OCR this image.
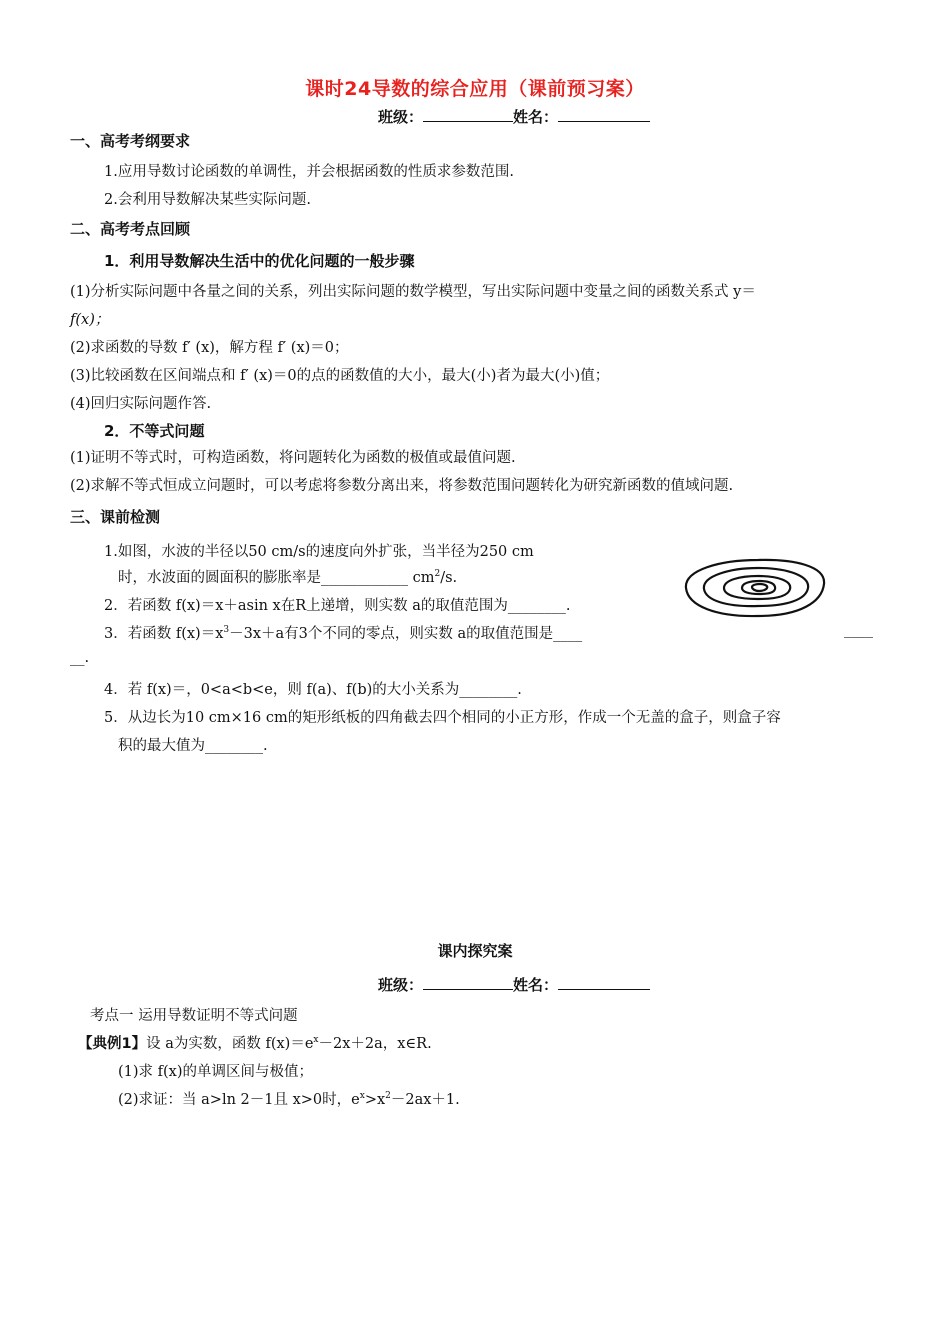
课时24导数的综合应用（课前预习案）
班级：	姓名：
一、高考考纲要求
1.应用导数讨论函数的单调性，并会根据函数的性质求参数范围.
2.会利用导数解决某些实际问题.
二、高考考点回顾
1．利用导数解决生活中的优化问题的一般步骤
(1)分析实际问题中各量之间的关系，列出实际问题的数学模型，写出实际问题中变量之间的函数关系式 y＝
f(x)；
(2)求函数的导数 f′ (x)，解方程 f′ (x)＝0；
(3)比较函数在区间端点和 f′ (x)＝0的点的函数值的大小，最大(小)者为最大(小)值；
(4)回归实际问题作答.
2．不等式问题
(1)证明不等式时，可构造函数，将问题转化为函数的极值或最值问题.
(2)求解不等式恒成立问题时，可以考虑将参数分离出来，将参数范围问题转化为研究新函数的值域问题.
三、课前检测
1.如图，水波的半径以50 cm/s的速度向外扩张，当半径为250 cm
时，水波面的圆面积的膨胀率是____________ $cm^2/s$.
2．若函数 f(x)＝x＋asin x在R上递增，则实数 a的取值范围为________.
3．若函数 $f(x)=x^3-3x+a$有3个不同的零点，则实数 a的取值范围是____	____
__.
4．若 f(x)＝，0<a<b<e，则 f(a)、f(b)的大小关系为________.
5．从边长为10 cm×16 cm的矩形纸板的四角截去四个相同的小正方形，作成一个无盖的盒子，则盒子容
积的最大值为________.
课内探究案
班级：	姓名：
考点一 运用导数证明不等式问题
【典例1】设 a为实数，函数 $f(x)=e^x-2x+2a$，x∈R.
(1)求 f(x)的单调区间与极值；
(2)求证：当 a>ln 2－1且 x>0时，$e^x>x^2-2ax+1$.
